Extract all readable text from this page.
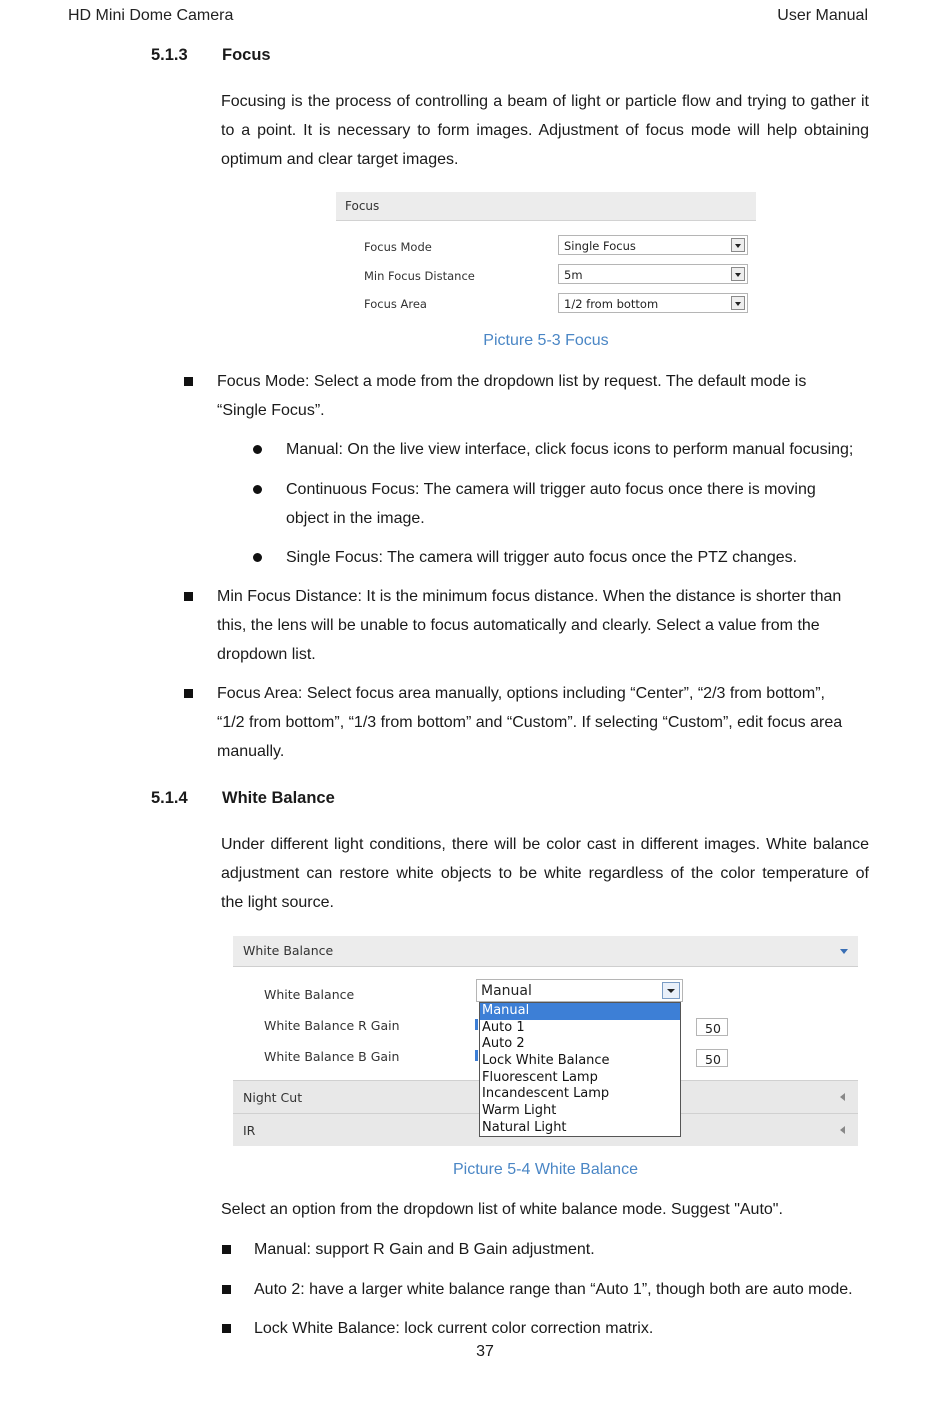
HD Mini Dome Camera	User Manual
5.1.3 Focus
Focusing is the process of controlling a beam of light or particle flow and trying to gather it
to a point. It is necessary to form images. Adjustment of focus mode will help obtaining
optimum and clear target images.
Focus
Focus Mode
Min Focus Distance
Focus Area
Single Focus
5m
1/2 from bottom
Picture 5-3 Focus
Focus Mode: Select a mode from the dropdown list by request. The default mode is
“Single Focus”.
Manual: On the live view interface, click focus icons to perform manual focusing;
Continuous Focus: The camera will trigger auto focus once there is moving
object in the image.
Single Focus: The camera will trigger auto focus once the PTZ changes.
Min Focus Distance: It is the minimum focus distance. When the distance is shorter than
this, the lens will be unable to focus automatically and clearly. Select a value from the
dropdown list.
Focus Area: Select focus area manually, options including “Center”, “2/3 from bottom”,
“1/2 from bottom”, “1/3 from bottom” and “Custom”. If selecting “Custom”, edit focus area
manually.
5.1.4 White Balance
Under different light conditions, there will be color cast in different images. White balance
adjustment can restore white objects to be white regardless of the color temperature of
the light source.
White Balance
White Balance
White Balance R Gain
White Balance B Gain
Manual
50
50
Night Cut
IR
Manual
Auto 1
Auto 2
Lock White Balance
Fluorescent Lamp
Incandescent Lamp
Warm Light
Natural Light
Picture 5-4 White Balance
Select an option from the dropdown list of white balance mode. Suggest "Auto".
Manual: support R Gain and B Gain adjustment.
Auto 2: have a larger white balance range than “Auto 1”, though both are auto mode.
Lock White Balance: lock current color correction matrix.
37
